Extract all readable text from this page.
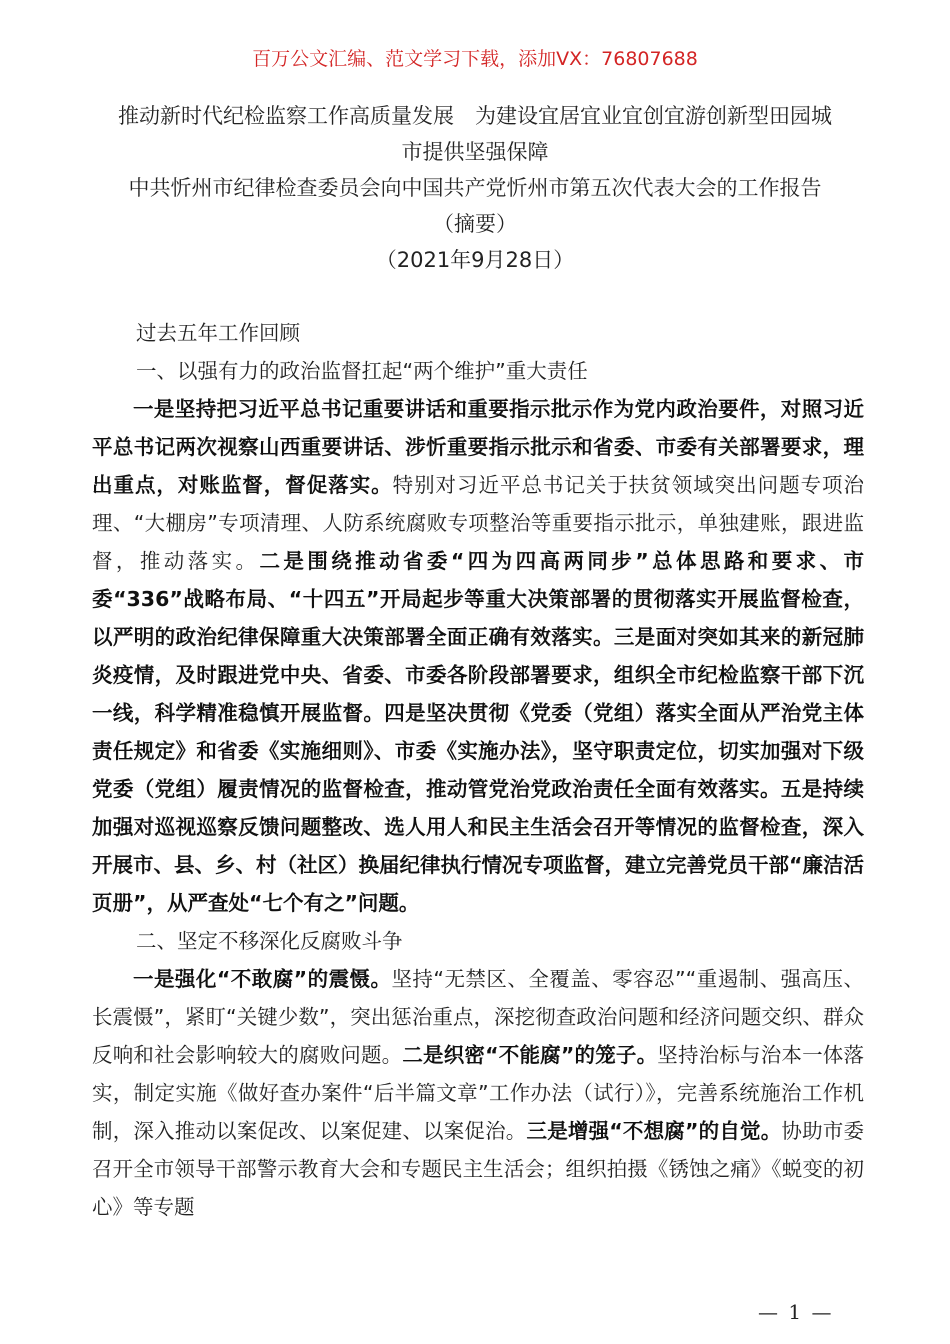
百万公文汇编、范文学习下载，添加VX：76807688
推动新时代纪检监察工作高质量发展　为建设宜居宜业宜创宜游创新型田园城
市提供坚强保障
中共忻州市纪律检查委员会向中国共产党忻州市第五次代表大会的工作报告
（摘要）
（2021年9月28日）

过去五年工作回顾

一、以强有力的政治监督扛起“两个维护”重大责任

一是坚持把习近平总书记重要讲话和重要指示批示作为党内政治要件，对照习近平总书记两次视察山西重要讲话、涉忻重要指示批示和省委、市委有关部署要求，理出重点，对账监督，督促落实。特别对习近平总书记关于扶贫领域突出问题专项治理、“大棚房”专项清理、人防系统腐败专项整治等重要指示批示，单独建账，跟进监督，推动落实。二是围绕推动省委“四为四高两同步”总体思路和要求、市委“336”战略布局、“十四五”开局起步等重大决策部署的贯彻落实开展监督检查，以严明的政治纪律保障重大决策部署全面正确有效落实。三是面对突如其来的新冠肺炎疫情，及时跟进党中央、省委、市委各阶段部署要求，组织全市纪检监察干部下沉一线，科学精准稳慎开展监督。四是坚决贯彻《党委（党组）落实全面从严治党主体责任规定》和省委《实施细则》、市委《实施办法》，坚守职责定位，切实加强对下级党委（党组）履责情况的监督检查，推动管党治党政治责任全面有效落实。五是持续加强对巡视巡察反馈问题整改、选人用人和民主生活会召开等情况的监督检查，深入开展市、县、乡、村（社区）换届纪律执行情况专项监督，建立完善党员干部“廉洁活页册”，从严查处“七个有之”问题。

二、坚定不移深化反腐败斗争

一是强化“不敢腐”的震慑。坚持“无禁区、全覆盖、零容忍”“重遏制、强高压、长震慑”，紧盯“关键少数”，突出惩治重点，深挖彻查政治问题和经济问题交织、群众反响和社会影响较大的腐败问题。二是织密“不能腐”的笼子。坚持治标与治本一体落实，制定实施《做好查办案件“后半篇文章”工作办法（试行）》，完善系统施治工作机制，深入推动以案促改、以案促建、以案促治。三是增强“不想腐”的自觉。协助市委召开全市领导干部警示教育大会和专题民主生活会；组织拍摄《锈蚀之痛》《蜕变的初心》等专题

— 1 —
